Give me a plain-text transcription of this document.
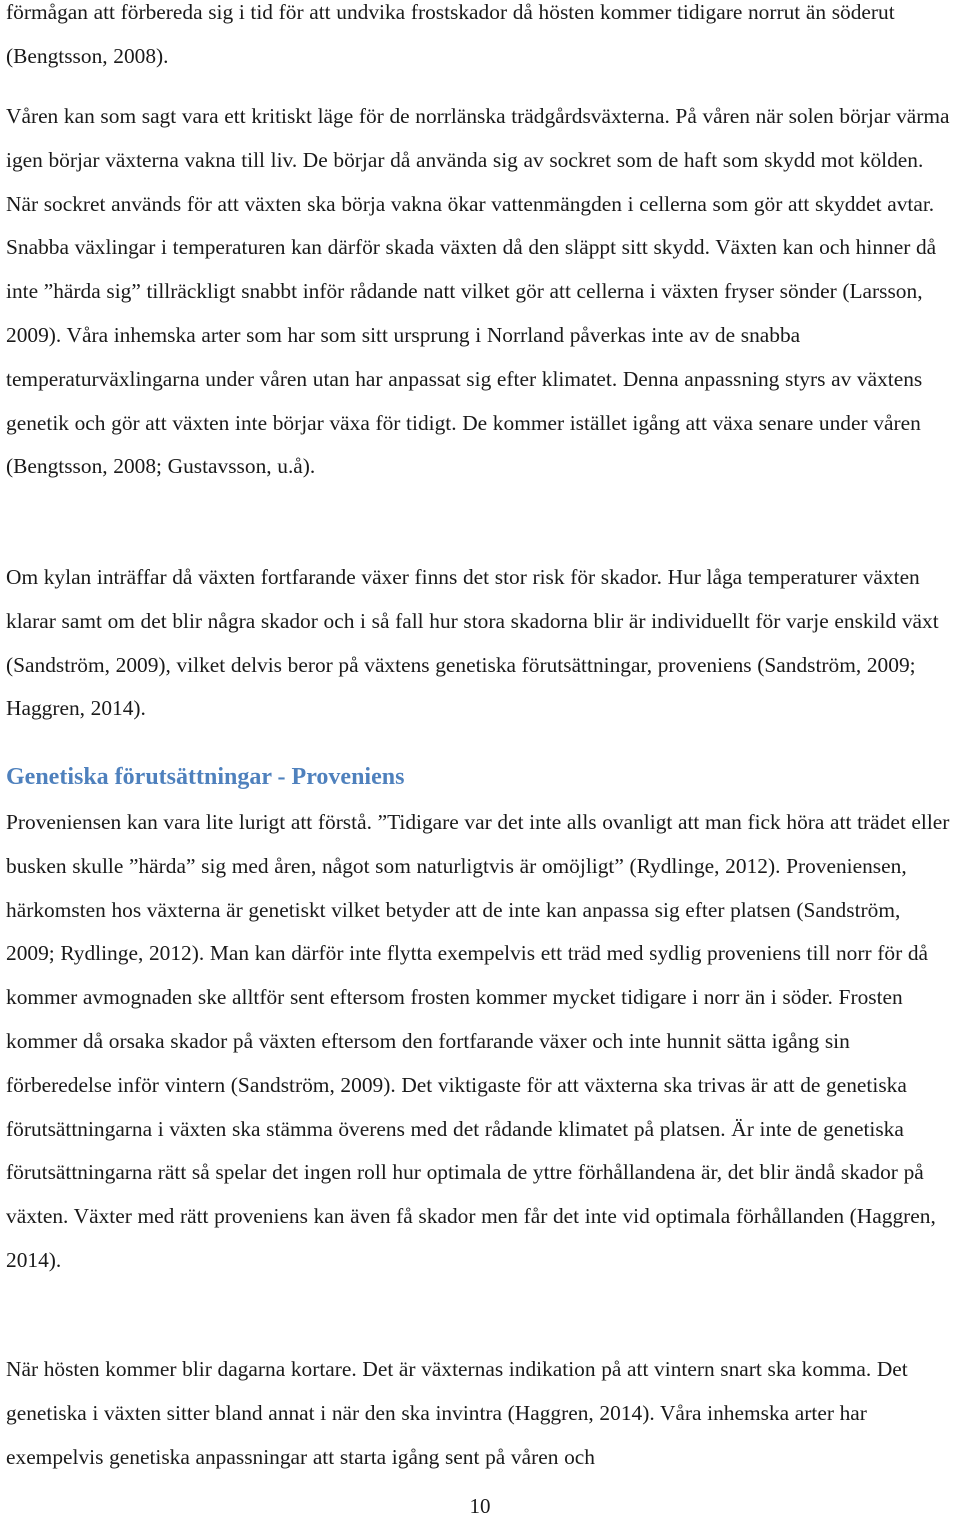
förmågan att förbereda sig i tid för att undvika frostskador då hösten kommer tidigare norrut än söderut (Bengtsson, 2008).

Våren kan som sagt vara ett kritiskt läge för de norrlänska trädgårdsväxterna. På våren när solen börjar värma igen börjar växterna vakna till liv. De börjar då använda sig av sockret som de haft som skydd mot kölden. När sockret används för att växten ska börja vakna ökar vattenmängden i cellerna som gör att skyddet avtar. Snabba växlingar i temperaturen kan därför skada växten då den släppt sitt skydd. Växten kan och hinner då inte ”härda sig” tillräckligt snabbt inför rådande natt vilket gör att cellerna i växten fryser sönder (Larsson, 2009). Våra inhemska arter som har som sitt ursprung i Norrland påverkas inte av de snabba temperaturväxlingarna under våren utan har anpassat sig efter klimatet. Denna anpassning styrs av växtens genetik och gör att växten inte börjar växa för tidigt. De kommer istället igång att växa senare under våren (Bengtsson, 2008; Gustavsson, u.å).

Om kylan inträffar då växten fortfarande växer finns det stor risk för skador. Hur låga temperaturer växten klarar samt om det blir några skador och i så fall hur stora skadorna blir är individuellt för varje enskild växt (Sandström, 2009), vilket delvis beror på växtens genetiska förutsättningar, proveniens (Sandström, 2009; Haggren, 2014).

Genetiska förutsättningar - Proveniens

Proveniensen kan vara lite lurigt att förstå. ”Tidigare var det inte alls ovanligt att man fick höra att trädet eller busken skulle ”härda” sig med åren, något som naturligtvis är omöjligt” (Rydlinge, 2012). Proveniensen, härkomsten hos växterna är genetiskt vilket betyder att de inte kan anpassa sig efter platsen (Sandström, 2009; Rydlinge, 2012). Man kan därför inte flytta exempelvis ett träd med sydlig proveniens till norr för då kommer avmognaden ske alltför sent eftersom frosten kommer mycket tidigare i norr än i söder. Frosten kommer då orsaka skador på växten eftersom den fortfarande växer och inte hunnit sätta igång sin förberedelse inför vintern (Sandström, 2009). Det viktigaste för att växterna ska trivas är att de genetiska förutsättningarna i växten ska stämma överens med det rådande klimatet på platsen. Är inte de genetiska förutsättningarna rätt så spelar det ingen roll hur optimala de yttre förhållandena är, det blir ändå skador på växten. Växter med rätt proveniens kan även få skador men får det inte vid optimala förhållanden (Haggren, 2014).

När hösten kommer blir dagarna kortare. Det är växternas indikation på att vintern snart ska komma. Det genetiska i växten sitter bland annat i när den ska invintra (Haggren, 2014). Våra inhemska arter har exempelvis genetiska anpassningar att starta igång sent på våren och

10
